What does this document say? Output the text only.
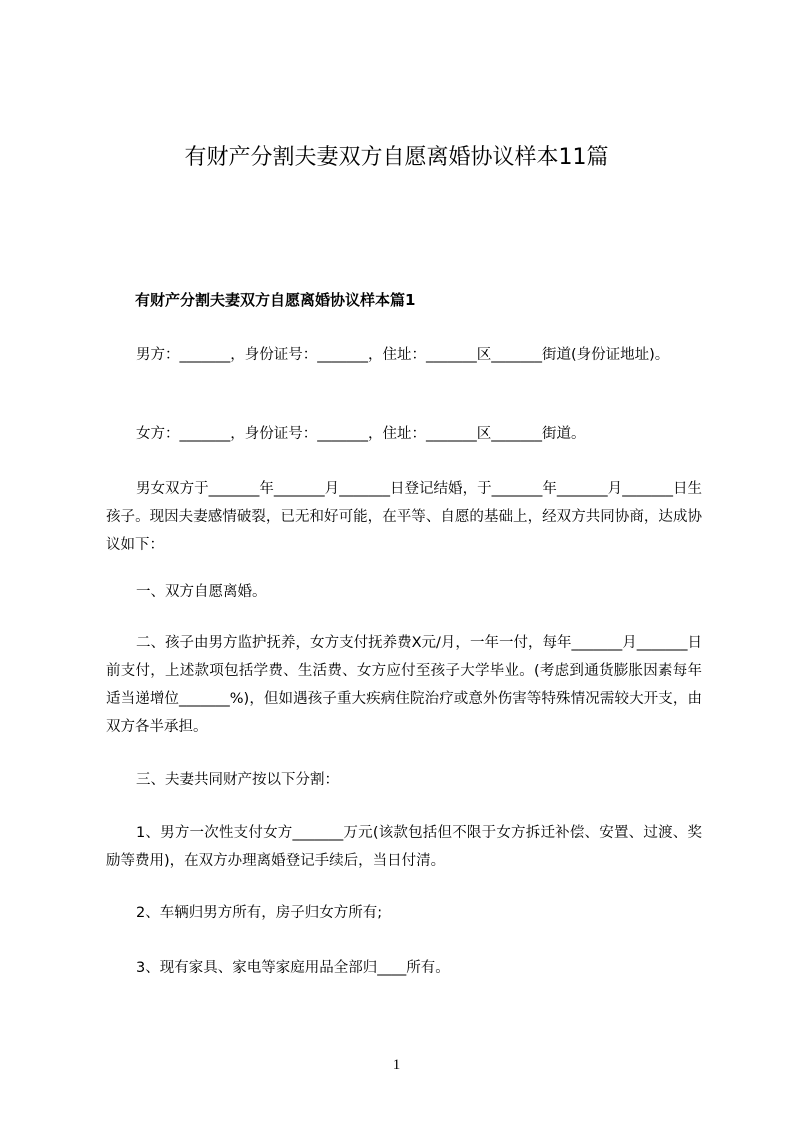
有财产分割夫妻双方自愿离婚协议样本11篇
有财产分割夫妻双方自愿离婚协议样本篇1
男方：_______，身份证号：_______，住址：_______区_______街道(身份证地址)。
女方：_______，身份证号：_______，住址：_______区_______街道。
男女双方于_______年_______月_______日登记结婚，于_______年_______月_______日生孩子。现因夫妻感情破裂，已无和好可能，在平等、自愿的基础上，经双方共同协商，达成协议如下：
一、双方自愿离婚。
二、孩子由男方监护抚养，女方支付抚养费X元/月，一年一付，每年_______月_______日前支付，上述款项包括学费、生活费、女方应付至孩子大学毕业。(考虑到通货膨胀因素每年适当递增位_______%)，但如遇孩子重大疾病住院治疗或意外伤害等特殊情况需较大开支，由双方各半承担。
三、夫妻共同财产按以下分割：
1、男方一次性支付女方_______万元(该款包括但不限于女方拆迁补偿、安置、过渡、奖励等费用)，在双方办理离婚登记手续后，当日付清。
2、车辆归男方所有，房子归女方所有;
3、现有家具、家电等家庭用品全部归____所有。
1
